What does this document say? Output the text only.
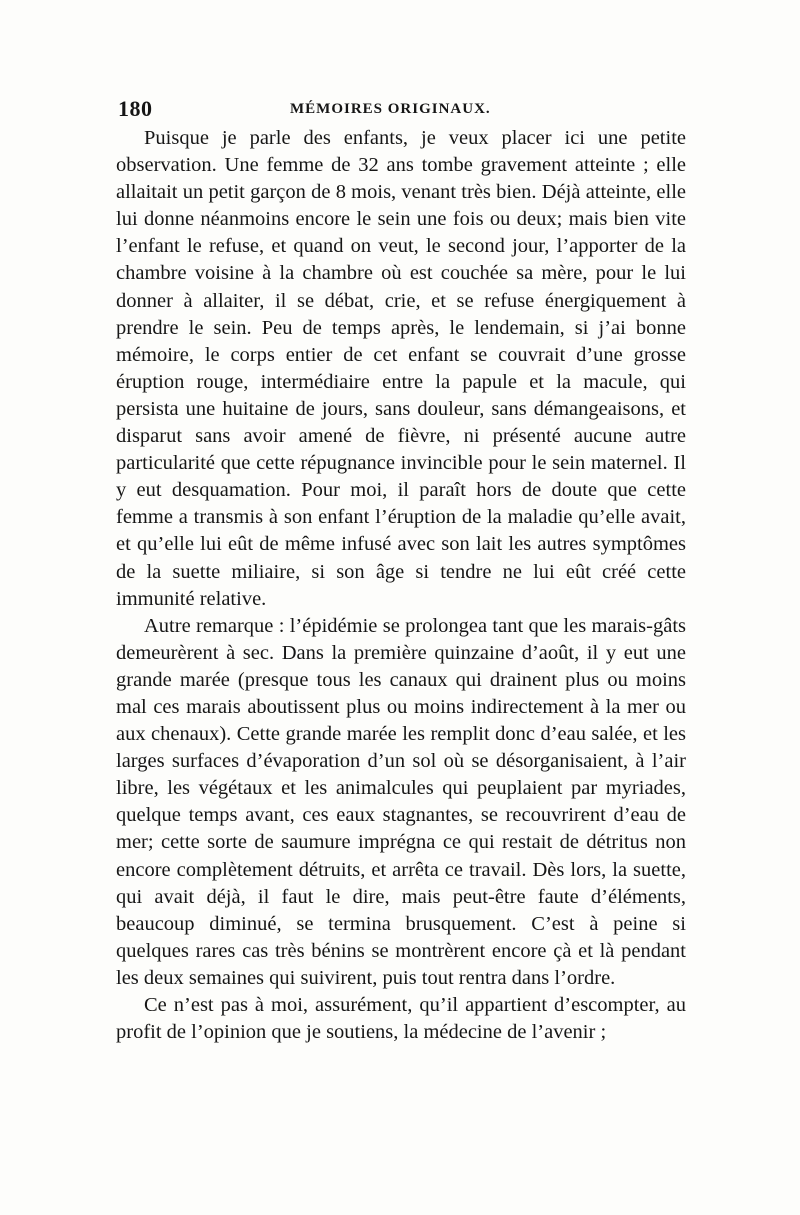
180	MÉMOIRES ORIGINAUX.

Puisque je parle des enfants, je veux placer ici une petite observation. Une femme de 32 ans tombe gravement atteinte ; elle allaitait un petit garçon de 8 mois, venant très bien. Déjà atteinte, elle lui donne néanmoins encore le sein une fois ou deux; mais bien vite l’enfant le refuse, et quand on veut, le second jour, l’apporter de la chambre voisine à la chambre où est couchée sa mère, pour le lui donner à allaiter, il se débat, crie, et se refuse énergiquement à prendre le sein. Peu de temps après, le lendemain, si j’ai bonne mémoire, le corps entier de cet enfant se couvrait d’une grosse éruption rouge, intermédiaire entre la papule et la macule, qui persista une huitaine de jours, sans douleur, sans démangeaisons, et disparut sans avoir amené de fièvre, ni présenté aucune autre particularité que cette répugnance invincible pour le sein maternel. Il y eut desquamation. Pour moi, il paraît hors de doute que cette femme a transmis à son enfant l’éruption de la maladie qu’elle avait, et qu’elle lui eût de même infusé avec son lait les autres symptômes de la suette miliaire, si son âge si tendre ne lui eût créé cette immunité relative.

Autre remarque : l’épidémie se prolongea tant que les marais-gâts demeurèrent à sec. Dans la première quinzaine d’août, il y eut une grande marée (presque tous les canaux qui drainent plus ou moins mal ces marais aboutissent plus ou moins indirectement à la mer ou aux chenaux). Cette grande marée les remplit donc d’eau salée, et les larges surfaces d’évaporation d’un sol où se désorganisaient, à l’air libre, les végétaux et les animalcules qui peuplaient par myriades, quelque temps avant, ces eaux stagnantes, se recouvrirent d’eau de mer; cette sorte de saumure imprégna ce qui restait de détritus non encore complètement détruits, et arrêta ce travail. Dès lors, la suette, qui avait déjà, il faut le dire, mais peut-être faute d’éléments, beaucoup diminué, se termina brusquement. C’est à peine si quelques rares cas très bénins se montrèrent encore çà et là pendant les deux semaines qui suivirent, puis tout rentra dans l’ordre.

Ce n’est pas à moi, assurément, qu’il appartient d’escompter, au profit de l’opinion que je soutiens, la médecine de l’avenir ;
